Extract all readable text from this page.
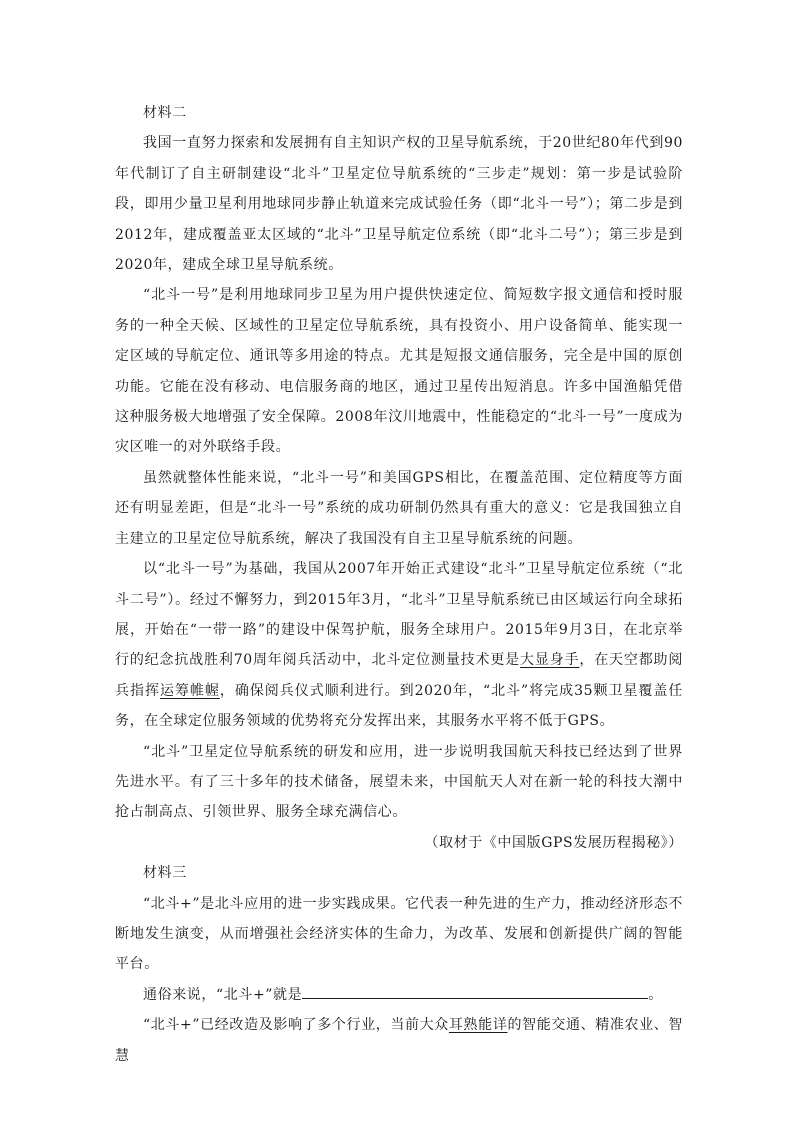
材料二

我国一直努力探索和发展拥有自主知识产权的卫星导航系统，于20世纪80年代到90年代制订了自主研制建设“北斗”卫星定位导航系统的“三步走”规划：第一步是试验阶段，即用少量卫星利用地球同步静止轨道来完成试验任务（即“北斗一号”）；第二步是到2012年，建成覆盖亚太区域的“北斗”卫星导航定位系统（即“北斗二号”）；第三步是到2020年，建成全球卫星导航系统。

“北斗一号”是利用地球同步卫星为用户提供快速定位、简短数字报文通信和授时服务的一种全天候、区域性的卫星定位导航系统，具有投资小、用户设备简单、能实现一定区域的导航定位、通讯等多用途的特点。尤其是短报文通信服务，完全是中国的原创功能。它能在没有移动、电信服务商的地区，通过卫星传出短消息。许多中国渔船凭借这种服务极大地增强了安全保障。2008年汶川地震中，性能稳定的“北斗一号”一度成为灾区唯一的对外联络手段。

虽然就整体性能来说，“北斗一号”和美国GPS相比，在覆盖范围、定位精度等方面还有明显差距，但是“北斗一号”系统的成功研制仍然具有重大的意义：它是我国独立自主建立的卫星定位导航系统，解决了我国没有自主卫星导航系统的问题。

以“北斗一号”为基础，我国从2007年开始正式建设“北斗”卫星导航定位系统（“北斗二号”）。经过不懈努力，到2015年3月，“北斗”卫星导航系统已由区域运行向全球拓展，开始在“一带一路”的建设中保驾护航，服务全球用户。2015年9月3日，在北京举行的纪念抗战胜利70周年阅兵活动中，北斗定位测量技术更是大显身手，在天空都助阅兵指挥运筹帷幄，确保阅兵仪式顺利进行。到2020年，“北斗”将完成35颗卫星覆盖任务，在全球定位服务领域的优势将充分发挥出来，其服务水平将不低于GPS。

“北斗”卫星定位导航系统的研发和应用，进一步说明我国航天科技已经达到了世界先进水平。有了三十多年的技术储备，展望未来，中国航天人对在新一轮的科技大潮中抢占制高点、引领世界、服务全球充满信心。

（取材于《中国版GPS发展历程揭秘》）

材料三

“北斗+”是北斗应用的进一步实践成果。它代表一种先进的生产力，推动经济形态不断地发生演变，从而增强社会经济实体的生命力，为改革、发展和创新提供广阔的智能平台。

通俗来说，“北斗+”就是	。

“北斗+”已经改造及影响了多个行业，当前大众耳熟能详的智能交通、精准农业、智慧
